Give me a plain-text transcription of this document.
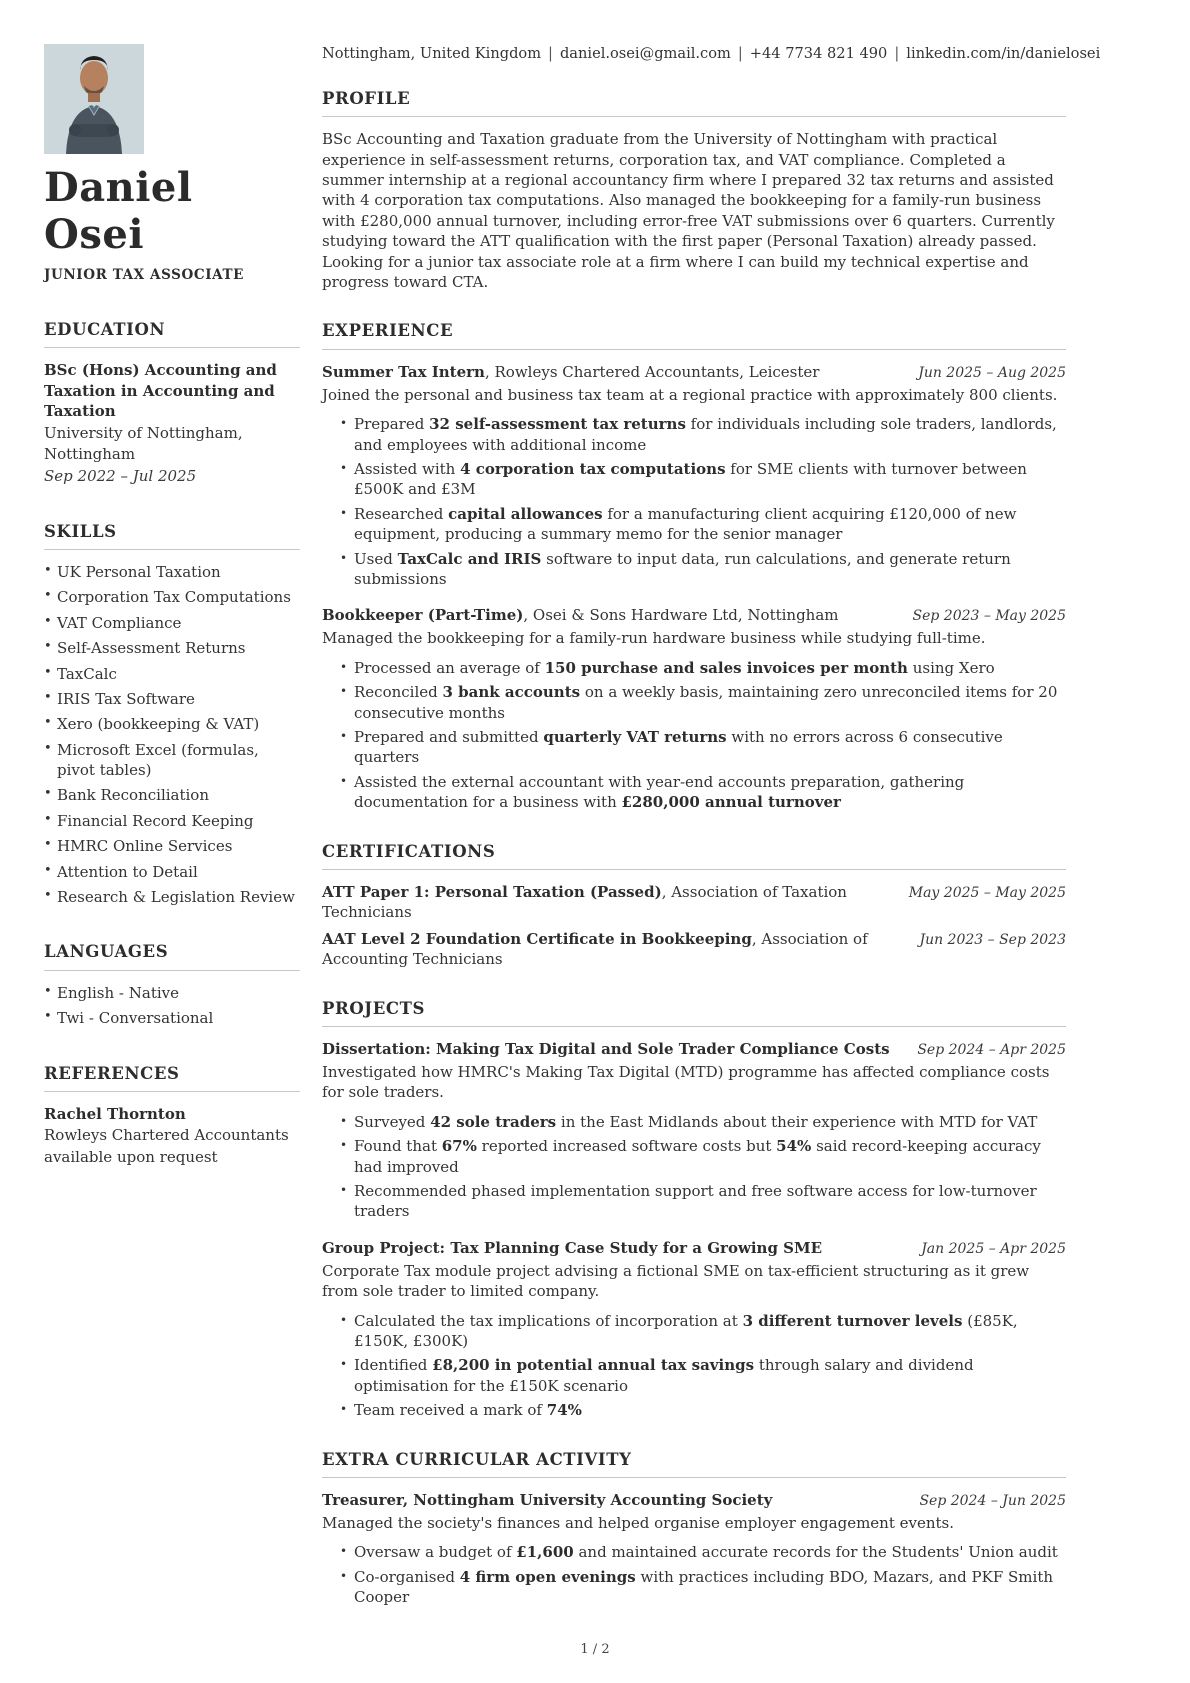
Daniel Osei
JUNIOR TAX ASSOCIATE
EDUCATION
BSc (Hons) Accounting and Taxation in Accounting and Taxation
University of Nottingham, Nottingham
Sep 2022 – Jul 2025
SKILLS
• UK Personal Taxation
• Corporation Tax Computations
• VAT Compliance
• Self-Assessment Returns
• TaxCalc
• IRIS Tax Software
• Xero (bookkeeping & VAT)
• Microsoft Excel (formulas, pivot tables)
• Bank Reconciliation
• Financial Record Keeping
• HMRC Online Services
• Attention to Detail
• Research & Legislation Review
LANGUAGES
• English - Native
• Twi - Conversational
REFERENCES
Rachel Thornton
Rowleys Chartered Accountants
available upon request
Nottingham, United Kingdom | daniel.osei@gmail.com | +44 7734 821 490 | linkedin.com/in/danielosei
PROFILE
BSc Accounting and Taxation graduate from the University of Nottingham with practical experience in self-assessment returns, corporation tax, and VAT compliance. Completed a summer internship at a regional accountancy firm where I prepared 32 tax returns and assisted with 4 corporation tax computations. Also managed the bookkeeping for a family-run business with £280,000 annual turnover, including error-free VAT submissions over 6 quarters. Currently studying toward the ATT qualification with the first paper (Personal Taxation) already passed. Looking for a junior tax associate role at a firm where I can build my technical expertise and progress toward CTA.
EXPERIENCE
Summer Tax Intern, Rowleys Chartered Accountants, Leicester	Jun 2025 – Aug 2025
Joined the personal and business tax team at a regional practice with approximately 800 clients.
• Prepared 32 self-assessment tax returns for individuals including sole traders, landlords, and employees with additional income
• Assisted with 4 corporation tax computations for SME clients with turnover between £500K and £3M
• Researched capital allowances for a manufacturing client acquiring £120,000 of new equipment, producing a summary memo for the senior manager
• Used TaxCalc and IRIS software to input data, run calculations, and generate return submissions
Bookkeeper (Part-Time), Osei & Sons Hardware Ltd, Nottingham	Sep 2023 – May 2025
Managed the bookkeeping for a family-run hardware business while studying full-time.
• Processed an average of 150 purchase and sales invoices per month using Xero
• Reconciled 3 bank accounts on a weekly basis, maintaining zero unreconciled items for 20 consecutive months
• Prepared and submitted quarterly VAT returns with no errors across 6 consecutive quarters
• Assisted the external accountant with year-end accounts preparation, gathering documentation for a business with £280,000 annual turnover
CERTIFICATIONS
ATT Paper 1: Personal Taxation (Passed), Association of Taxation Technicians
May 2025 – May 2025
AAT Level 2 Foundation Certificate in Bookkeeping, Association of Accounting Technicians
Jun 2023 – Sep 2023
PROJECTS
Dissertation: Making Tax Digital and Sole Trader Compliance Costs	Sep 2024 – Apr 2025
Investigated how HMRC's Making Tax Digital (MTD) programme has affected compliance costs for sole traders.
• Surveyed 42 sole traders in the East Midlands about their experience with MTD for VAT
• Found that 67% reported increased software costs but 54% said record-keeping accuracy had improved
• Recommended phased implementation support and free software access for low-turnover traders
Group Project: Tax Planning Case Study for a Growing SME	Jan 2025 – Apr 2025
Corporate Tax module project advising a fictional SME on tax-efficient structuring as it grew from sole trader to limited company.
• Calculated the tax implications of incorporation at 3 different turnover levels (£85K, £150K, £300K)
• Identified £8,200 in potential annual tax savings through salary and dividend optimisation for the £150K scenario
• Team received a mark of 74%
EXTRA CURRICULAR ACTIVITY
Treasurer, Nottingham University Accounting Society	Sep 2024 – Jun 2025
Managed the society's finances and helped organise employer engagement events.
• Oversaw a budget of £1,600 and maintained accurate records for the Students' Union audit
• Co-organised 4 firm open evenings with practices including BDO, Mazars, and PKF Smith Cooper
1 / 2
